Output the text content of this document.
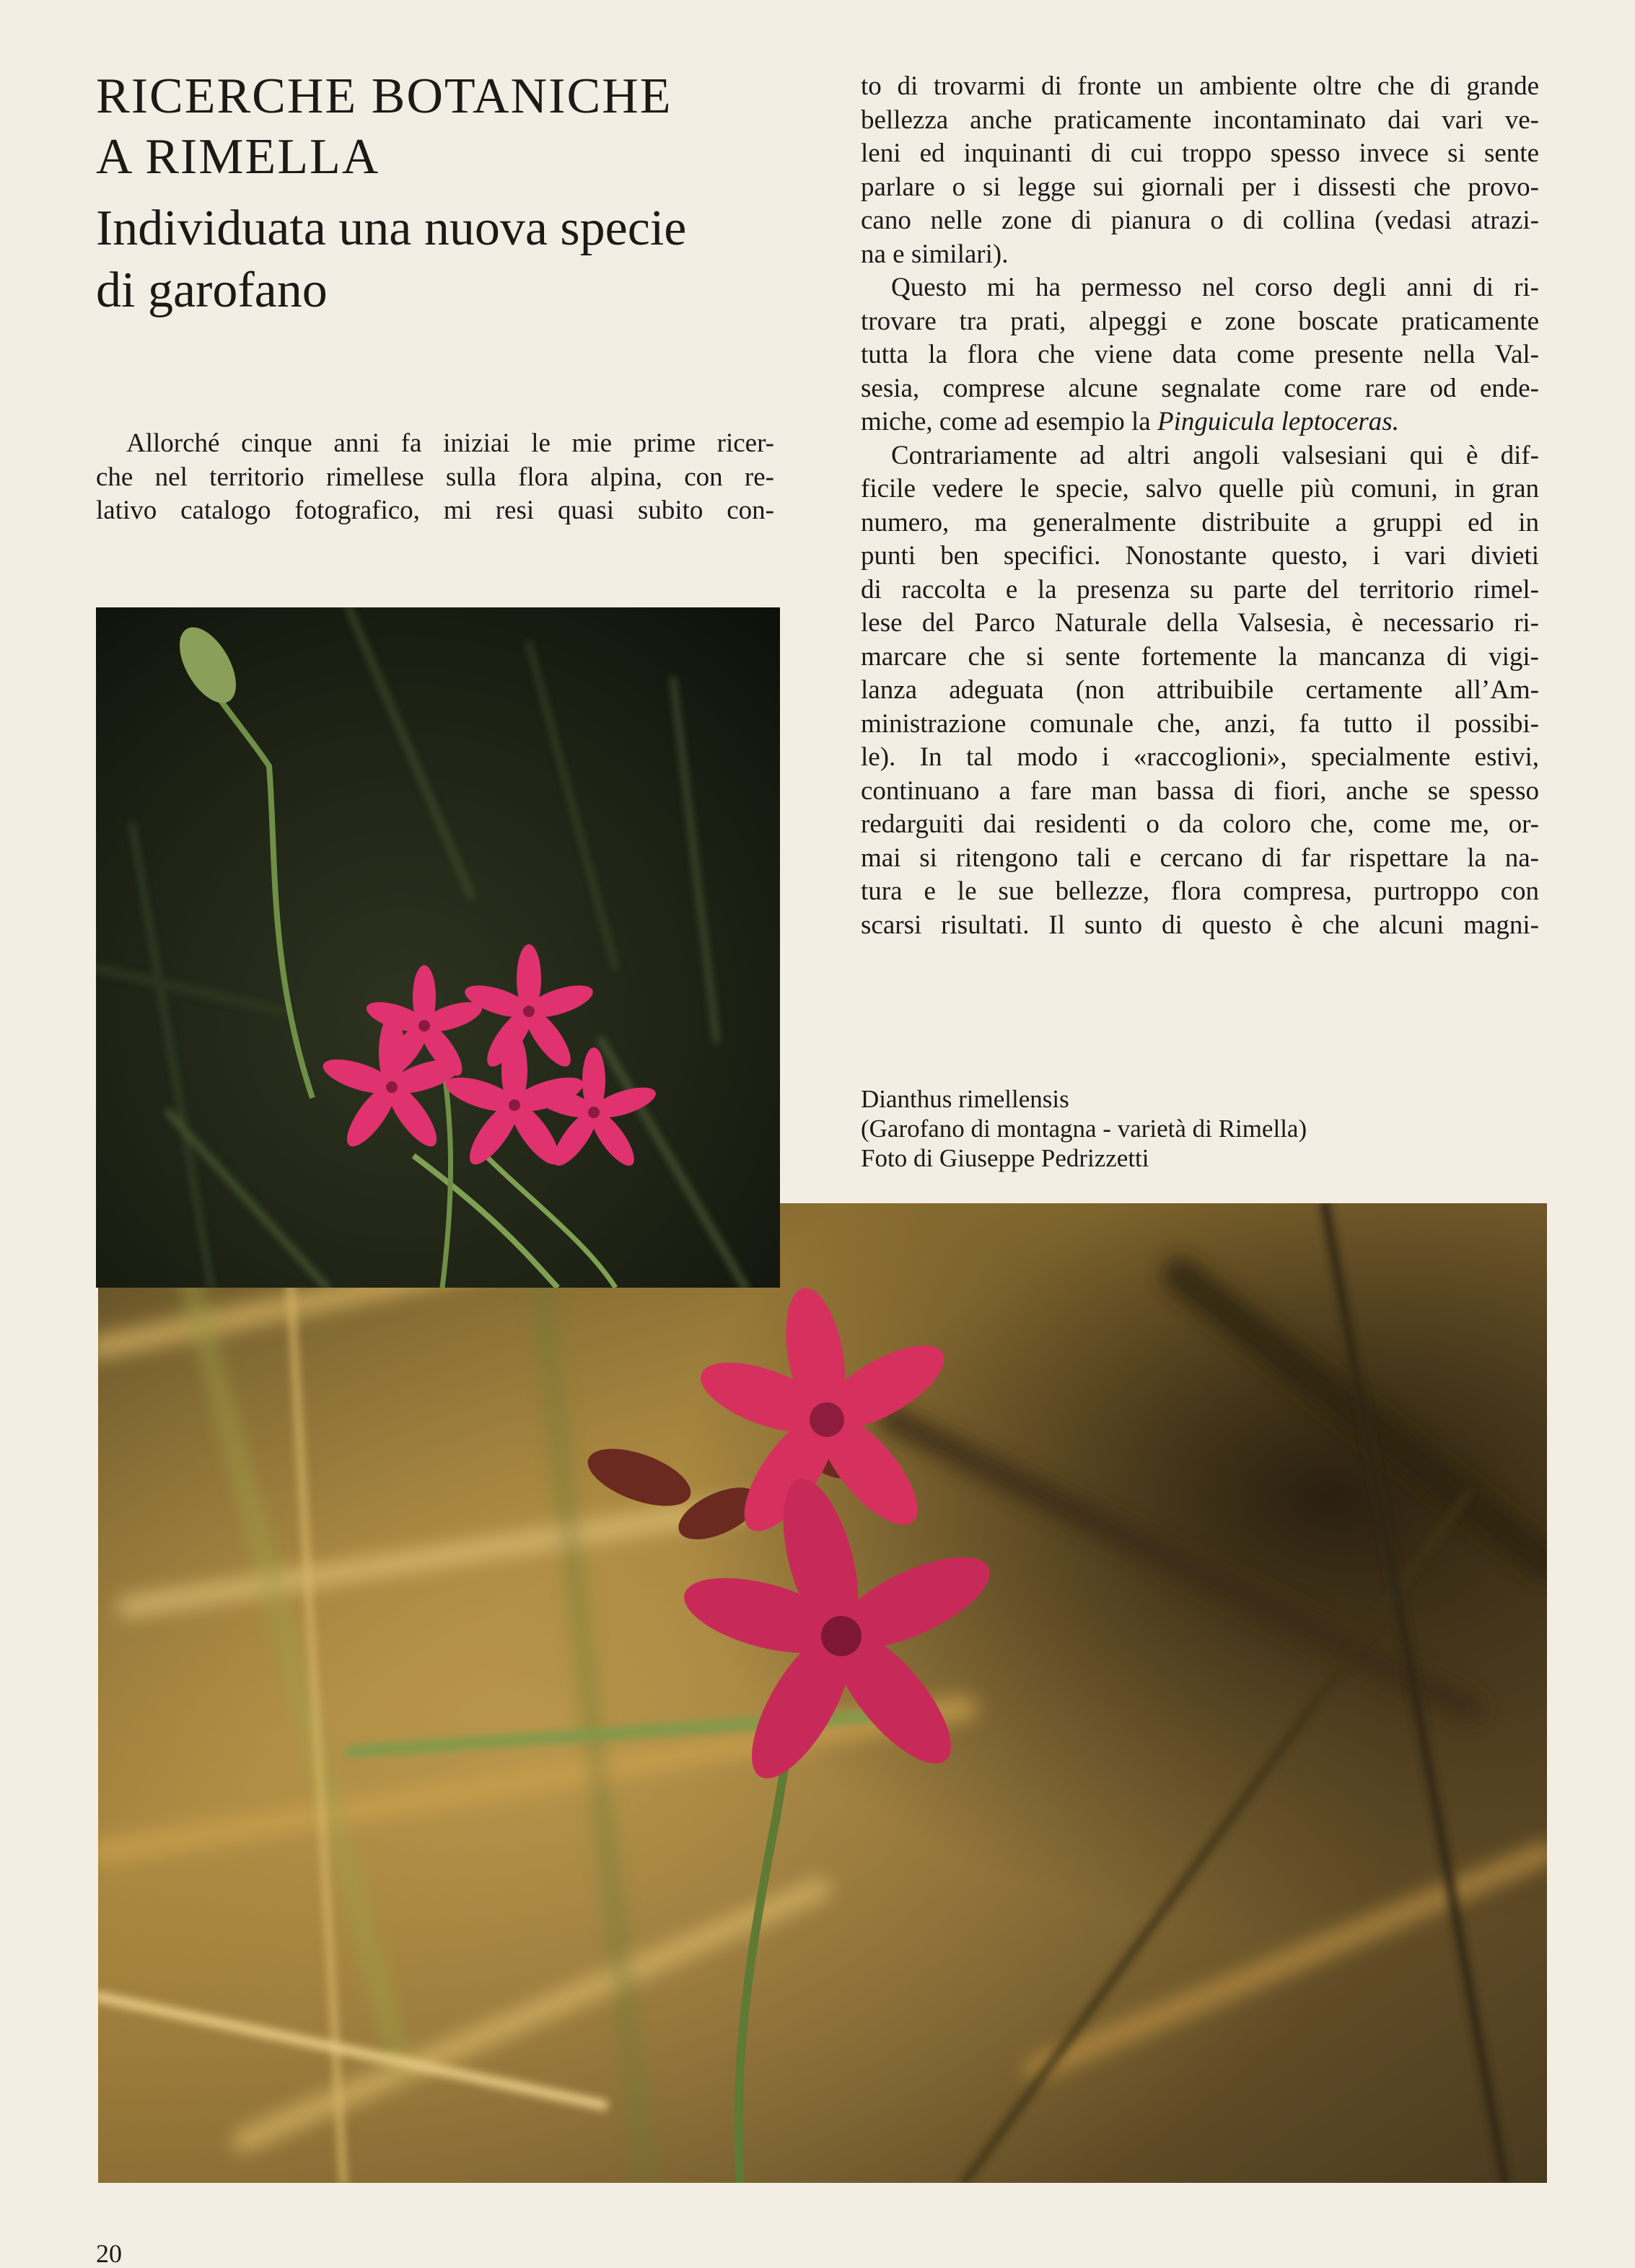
RICERCHE BOTANICHE
A RIMELLA
Individuata una nuova specie
di garofano

Allorché cinque anni fa iniziai le mie prime ricer-

che nel territorio rimellese sulla flora alpina, con re-

lativo catalogo fotografico, mi resi quasi subito con-

to di trovarmi di fronte un ambiente oltre che di grande

bellezza anche praticamente incontaminato dai vari ve-

leni ed inquinanti di cui troppo spesso invece si sente

parlare o si legge sui giornali per i dissesti che provo-

cano nelle zone di pianura o di collina (vedasi atrazi-

na e similari).

Questo mi ha permesso nel corso degli anni di ri-

trovare tra prati, alpeggi e zone boscate praticamente

tutta la flora che viene data come presente nella Val-

sesia, comprese alcune segnalate come rare od ende-

miche, come ad esempio la Pinguicula leptoceras.

Contrariamente ad altri angoli valsesiani qui è dif-

ficile vedere le specie, salvo quelle più comuni, in gran

numero, ma generalmente distribuite a gruppi ed in

punti ben specifici. Nonostante questo, i vari divieti

di raccolta e la presenza su parte del territorio rimel-

lese del Parco Naturale della Valsesia, è necessario ri-

marcare che si sente fortemente la mancanza di vigi-

lanza adeguata (non attribuibile certamente all’Am-

ministrazione comunale che, anzi, fa tutto il possibi-

le). In tal modo i «raccoglioni», specialmente estivi,

continuano a fare man bassa di fiori, anche se spesso

redarguiti dai residenti o da coloro che, come me, or-

mai si ritengono tali e cercano di far rispettare la na-

tura e le sue bellezze, flora compresa, purtroppo con

scarsi risultati. Il sunto di questo è che alcuni magni-

Dianthus rimellensis
(Garofano di montagna - varietà di Rimella)
Foto di Giuseppe Pedrizzetti
20
